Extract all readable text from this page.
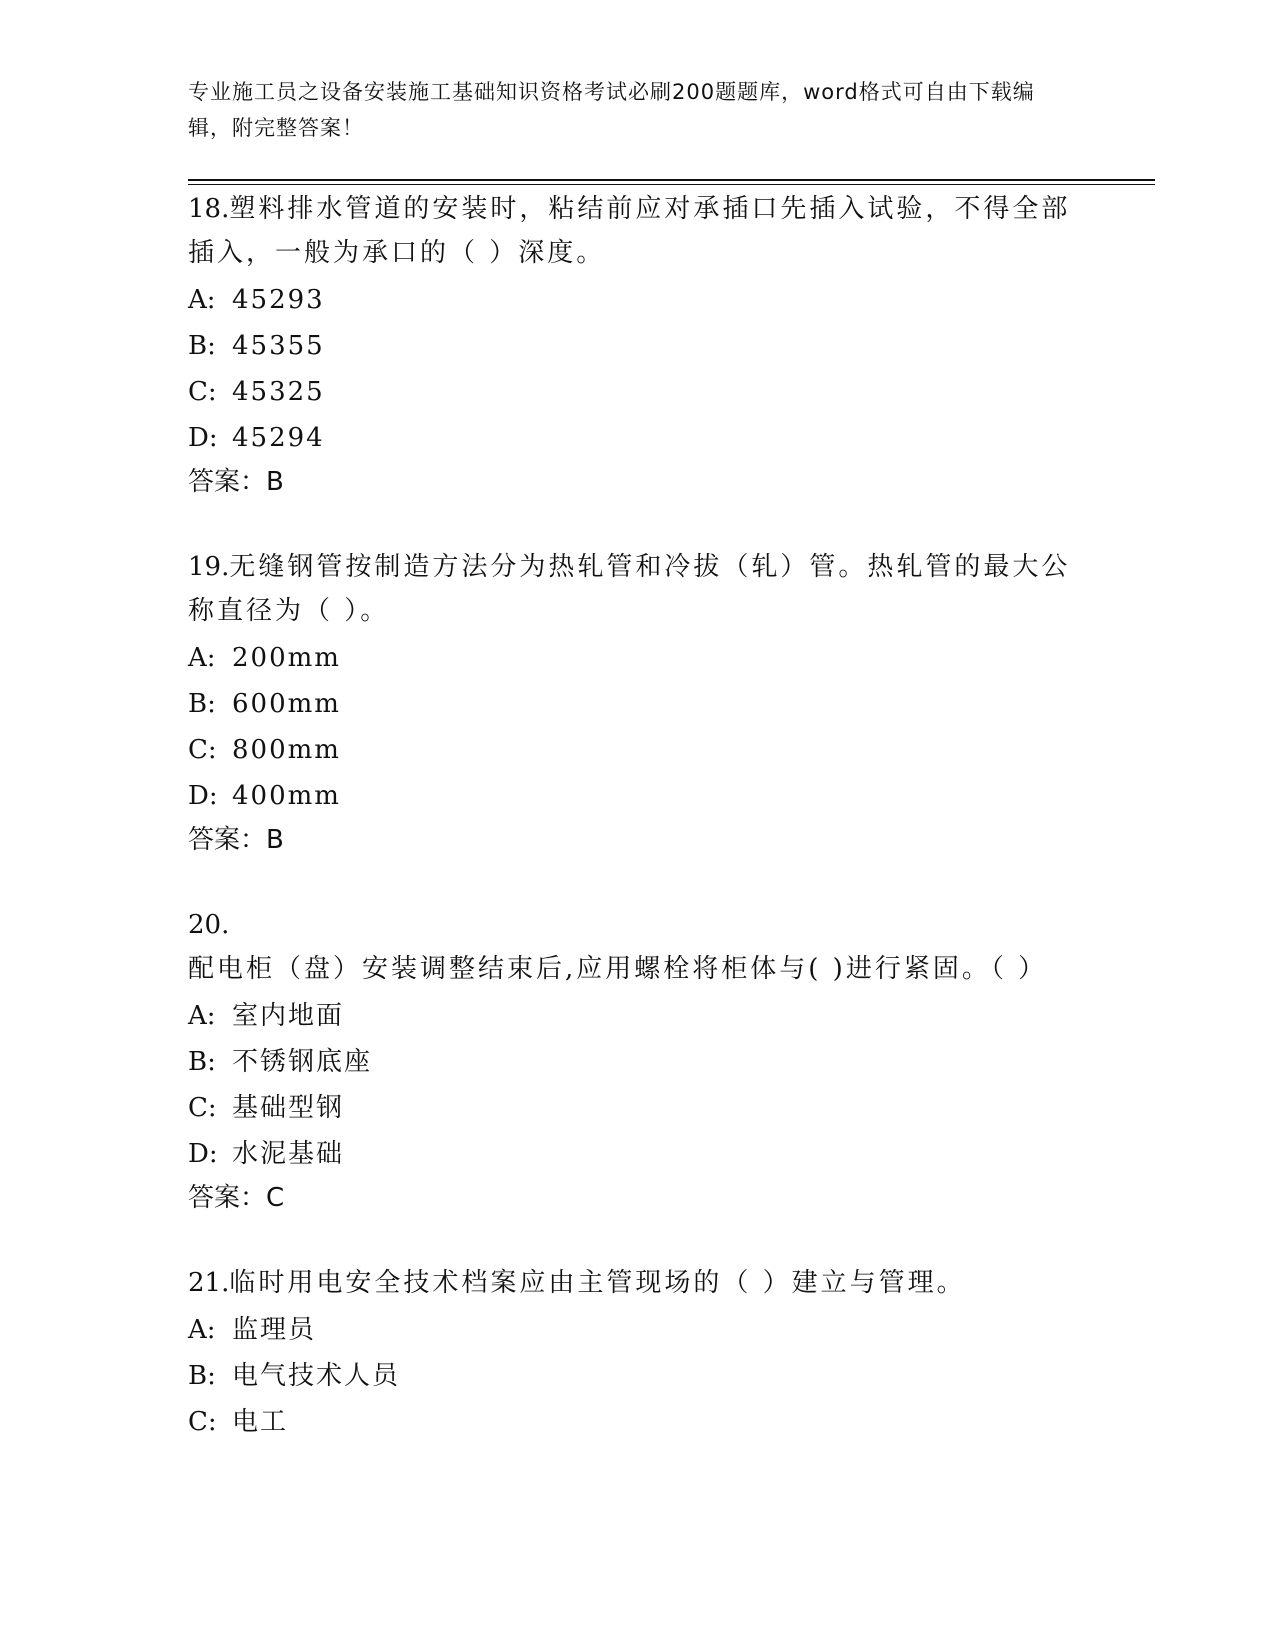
专业施工员之设备安装施工基础知识资格考试必刷200题题库，word格式可自由下载编辑，附完整答案！

18.塑料排水管道的安装时，粘结前应对承插口先插入试验，不得全部插入，一般为承口的（ ）深度。

A: 45293
B: 45355
C: 45325
D: 45294
答案：B

19.无缝钢管按制造方法分为热轧管和冷拔（轧）管。热轧管的最大公称直径为（ ）。

A: 200mm
B: 600mm
C: 800mm
D: 400mm
答案：B

20.配电柜（盘）安装调整结束后,应用螺栓将柜体与( )进行紧固。（ ）

A: 室内地面
B: 不锈钢底座
C: 基础型钢
D: 水泥基础
答案：C

21.临时用电安全技术档案应由主管现场的（ ）建立与管理。

A: 监理员
B: 电气技术人员
C: 电工
